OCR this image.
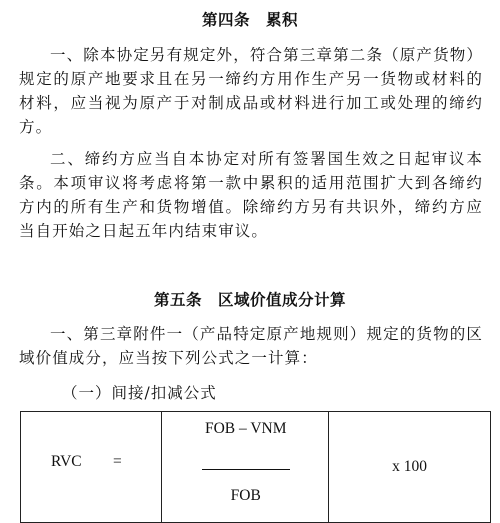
第四条　累积
一、除本协定另有规定外，符合第三章第二条（原产货物）规定的原产地要求且在另一缔约方用作生产另一货物或材料的材料，应当视为原产于对制成品或材料进行加工或处理的缔约方。
二、缔约方应当自本协定对所有签署国生效之日起审议本条。本项审议将考虑将第一款中累积的适用范围扩大到各缔约方内的所有生产和货物增值。除缔约方另有共识外，缔约方应当自开始之日起五年内结束审议。
第五条　区域价值成分计算
一、第三章附件一（产品特定原产地规则）规定的货物的区域价值成分，应当按下列公式之一计算：
（一）间接/扣减公式
RVC =

FOB – VNM
FOB
	x 100
